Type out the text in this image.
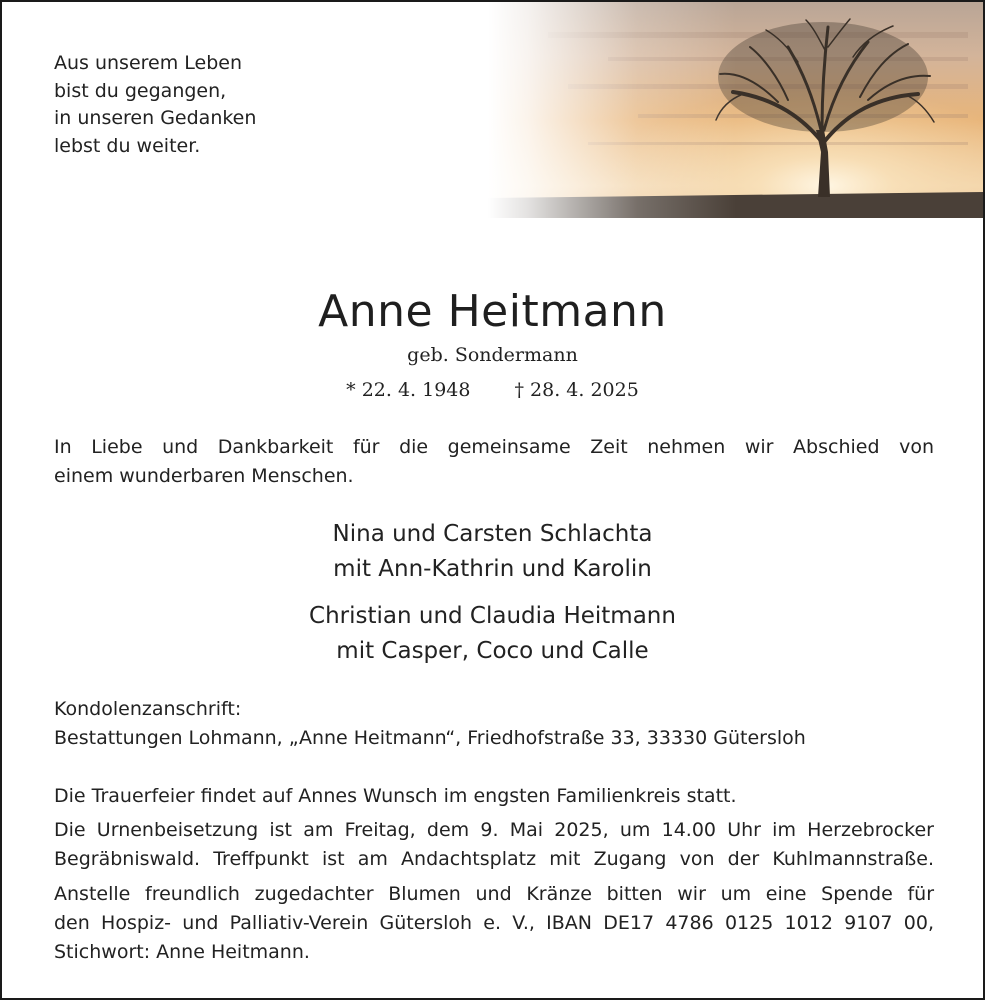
Aus unserem Leben
bist du gegangen,
in unseren Gedanken
lebst du weiter.
Anne Heitmann
geb. Sondermann
* 22. 4. 1948 † 28. 4. 2025
In Liebe und Dankbarkeit für die gemeinsame Zeit nehmen wir Abschied von
einem wunderbaren Menschen.
Nina und Carsten Schlachta
mit Ann-Kathrin und Karolin
Christian und Claudia Heitmann
mit Casper, Coco und Calle
Kondolenzanschrift:
Bestattungen Lohmann, „Anne Heitmann“, Friedhofstraße 33, 33330 Gütersloh
Die Trauerfeier findet auf Annes Wunsch im engsten Familienkreis statt.
Die Urnenbeisetzung ist am Freitag, dem 9. Mai 2025, um 14.00 Uhr im Herzebrocker
Begräbniswald. Treffpunkt ist am Andachtsplatz mit Zugang von der Kuhlmannstraße.
Anstelle freundlich zugedachter Blumen und Kränze bitten wir um eine Spende für
den Hospiz- und Palliativ-Verein Gütersloh e. V., IBAN DE17 4786 0125 1012 9107 00,
Stichwort: Anne Heitmann.
